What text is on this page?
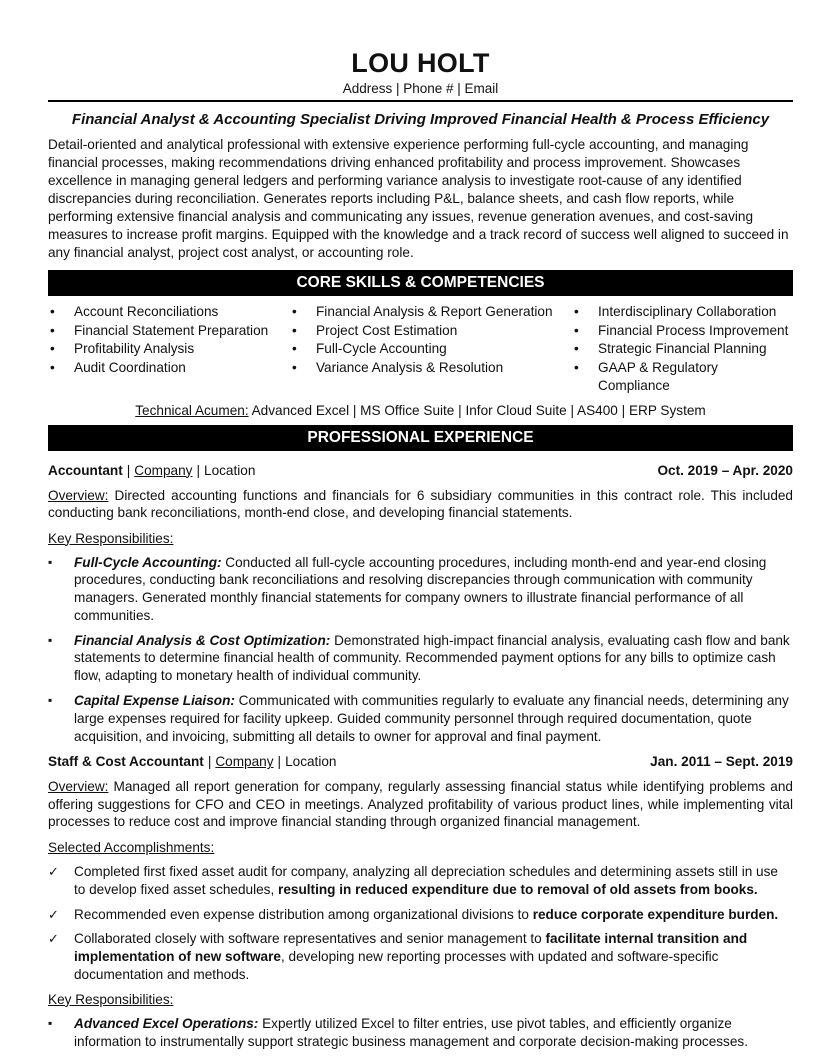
LOU HOLT
Address | Phone # | Email
Financial Analyst & Accounting Specialist Driving Improved Financial Health & Process Efficiency
Detail-oriented and analytical professional with extensive experience performing full-cycle accounting, and managing financial processes, making recommendations driving enhanced profitability and process improvement. Showcases excellence in managing general ledgers and performing variance analysis to investigate root-cause of any identified discrepancies during reconciliation. Generates reports including P&L, balance sheets, and cash flow reports, while performing extensive financial analysis and communicating any issues, revenue generation avenues, and cost-saving measures to increase profit margins. Equipped with the knowledge and a track record of success well aligned to succeed in any financial analyst, project cost analyst, or accounting role.
CORE SKILLS & COMPETENCIES
• Account Reconciliations
• Financial Statement Preparation
• Profitability Analysis
• Audit Coordination
• Financial Analysis & Report Generation
• Project Cost Estimation
• Full-Cycle Accounting
• Variance Analysis & Resolution
• Interdisciplinary Collaboration
• Financial Process Improvement
• Strategic Financial Planning
• GAAP & Regulatory Compliance
Technical Acumen: Advanced Excel | MS Office Suite | Infor Cloud Suite | AS400 | ERP System
PROFESSIONAL EXPERIENCE
Accountant | Company | Location	Oct. 2019 – Apr. 2020
Overview: Directed accounting functions and financials for 6 subsidiary communities in this contract role. This included conducting bank reconciliations, month-end close, and developing financial statements.
Key Responsibilities:
▪ Full-Cycle Accounting: Conducted all full-cycle accounting procedures, including month-end and year-end closing procedures, conducting bank reconciliations and resolving discrepancies through communication with community managers. Generated monthly financial statements for company owners to illustrate financial performance of all communities.
▪ Financial Analysis & Cost Optimization: Demonstrated high-impact financial analysis, evaluating cash flow and bank statements to determine financial health of community. Recommended payment options for any bills to optimize cash flow, adapting to monetary health of individual community.
▪ Capital Expense Liaison: Communicated with communities regularly to evaluate any financial needs, determining any large expenses required for facility upkeep. Guided community personnel through required documentation, quote acquisition, and invoicing, submitting all details to owner for approval and final payment.
Staff & Cost Accountant | Company | Location	Jan. 2011 – Sept. 2019
Overview: Managed all report generation for company, regularly assessing financial status while identifying problems and offering suggestions for CFO and CEO in meetings. Analyzed profitability of various product lines, while implementing vital processes to reduce cost and improve financial standing through organized financial management.
Selected Accomplishments:
✓ Completed first fixed asset audit for company, analyzing all depreciation schedules and determining assets still in use to develop fixed asset schedules, resulting in reduced expenditure due to removal of old assets from books.
✓ Recommended even expense distribution among organizational divisions to reduce corporate expenditure burden.
✓ Collaborated closely with software representatives and senior management to facilitate internal transition and implementation of new software, developing new reporting processes with updated and software-specific documentation and methods.
Key Responsibilities:
▪ Advanced Excel Operations: Expertly utilized Excel to filter entries, use pivot tables, and efficiently organize information to instrumentally support strategic business management and corporate decision-making processes.
